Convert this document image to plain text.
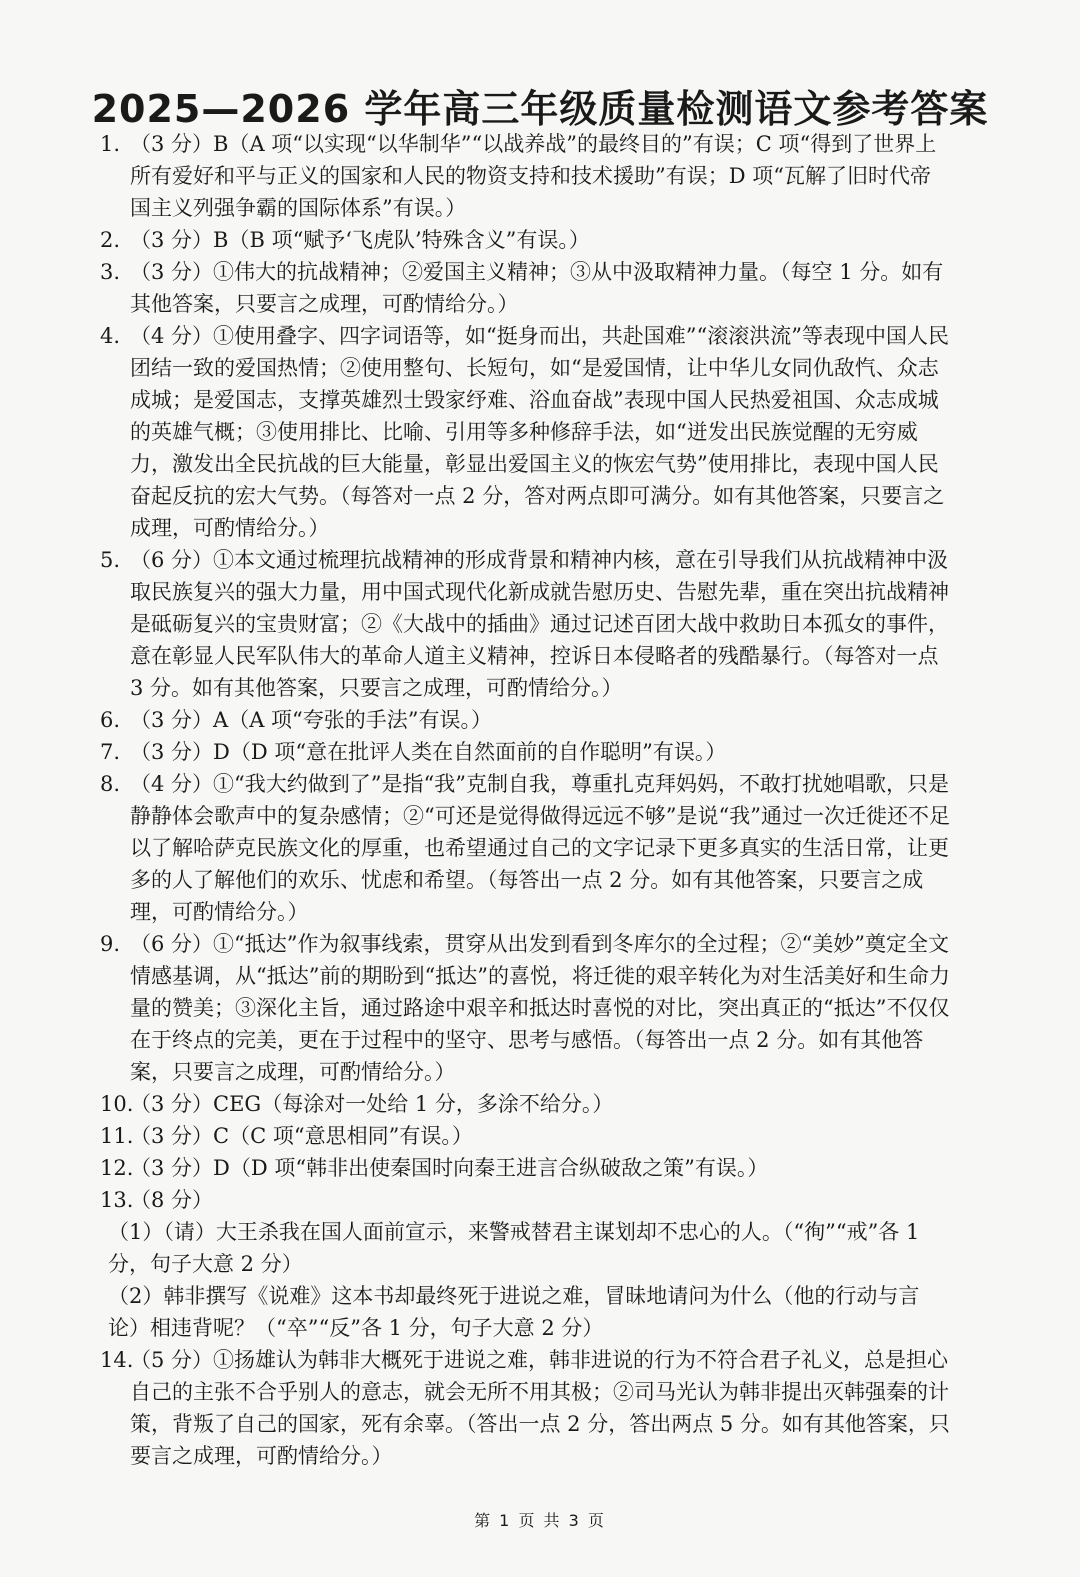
2025—2026 学年高三年级质量检测语文参考答案
1. （3 分）B（A 项“以实现“以华制华”“以战养战”的最终目的”有误；C 项“得到了世界上所有爱好和平与正义的国家和人民的物资支持和技术援助”有误；D 项“瓦解了旧时代帝国主义列强争霸的国际体系”有误。）
2. （3 分）B（B 项“赋予‘飞虎队’特殊含义”有误。）
3. （3 分）①伟大的抗战精神；②爱国主义精神；③从中汲取精神力量。（每空 1 分。如有其他答案，只要言之成理，可酌情给分。）
4. （4 分）①使用叠字、四字词语等，如“挺身而出，共赴国难”“滚滚洪流”等表现中国人民团结一致的爱国热情；②使用整句、长短句，如“是爱国情，让中华儿女同仇敌忾、众志成城；是爱国志，支撑英雄烈士毁家纾难、浴血奋战”表现中国人民热爱祖国、众志成城的英雄气概；③使用排比、比喻、引用等多种修辞手法，如“迸发出民族觉醒的无穷威力，激发出全民抗战的巨大能量，彰显出爱国主义的恢宏气势”使用排比，表现中国人民奋起反抗的宏大气势。（每答对一点 2 分，答对两点即可满分。如有其他答案，只要言之成理，可酌情给分。）
5. （6 分）①本文通过梳理抗战精神的形成背景和精神内核，意在引导我们从抗战精神中汲取民族复兴的强大力量，用中国式现代化新成就告慰历史、告慰先辈，重在突出抗战精神是砥砺复兴的宝贵财富；②《大战中的插曲》通过记述百团大战中救助日本孤女的事件，意在彰显人民军队伟大的革命人道主义精神，控诉日本侵略者的残酷暴行。（每答对一点 3 分。如有其他答案，只要言之成理，可酌情给分。）
6. （3 分）A（A 项“夸张的手法”有误。）
7. （3 分）D（D 项“意在批评人类在自然面前的自作聪明”有误。）
8. （4 分）①“我大约做到了”是指“我”克制自我，尊重扎克拜妈妈，不敢打扰她唱歌，只是静静体会歌声中的复杂感情；②“可还是觉得做得远远不够”是说“我”通过一次迁徙还不足以了解哈萨克民族文化的厚重，也希望通过自己的文字记录下更多真实的生活日常，让更多的人了解他们的欢乐、忧虑和希望。（每答出一点 2 分。如有其他答案，只要言之成理，可酌情给分。）
9. （6 分）①“抵达”作为叙事线索，贯穿从出发到看到冬库尔的全过程；②“美妙”奠定全文情感基调，从“抵达”前的期盼到“抵达”的喜悦，将迁徙的艰辛转化为对生活美好和生命力量的赞美；③深化主旨，通过路途中艰辛和抵达时喜悦的对比，突出真正的“抵达”不仅仅在于终点的完美，更在于过程中的坚守、思考与感悟。（每答出一点 2 分。如有其他答案，只要言之成理，可酌情给分。）
10.
（3 分）CEG（每涂对一处给 1 分，多涂不给分。）
11.
（3 分）C（C 项“意思相同”有误。）
12.
（3 分）D（D 项“韩非出使秦国时向秦王进言合纵破敌之策”有误。）
13.
（8 分）
（1）（请）大王杀我在国人面前宣示，来警戒替君主谋划却不忠心的人。（“徇”“戒”各 1 分，句子大意 2 分）
（2）韩非撰写《说难》这本书却最终死于进说之难，冒昧地请问为什么（他的行动与言论）相违背呢？（“卒”“反”各 1 分，句子大意 2 分）
14.
（5 分）①扬雄认为韩非大概死于进说之难，韩非进说的行为不符合君子礼义，总是担心自己的主张不合乎别人的意志，就会无所不用其极；②司马光认为韩非提出灭韩强秦的计策，背叛了自己的国家，死有余辜。（答出一点 2 分，答出两点 5 分。如有其他答案，只要言之成理，可酌情给分。）
第 1 页 共 3 页
